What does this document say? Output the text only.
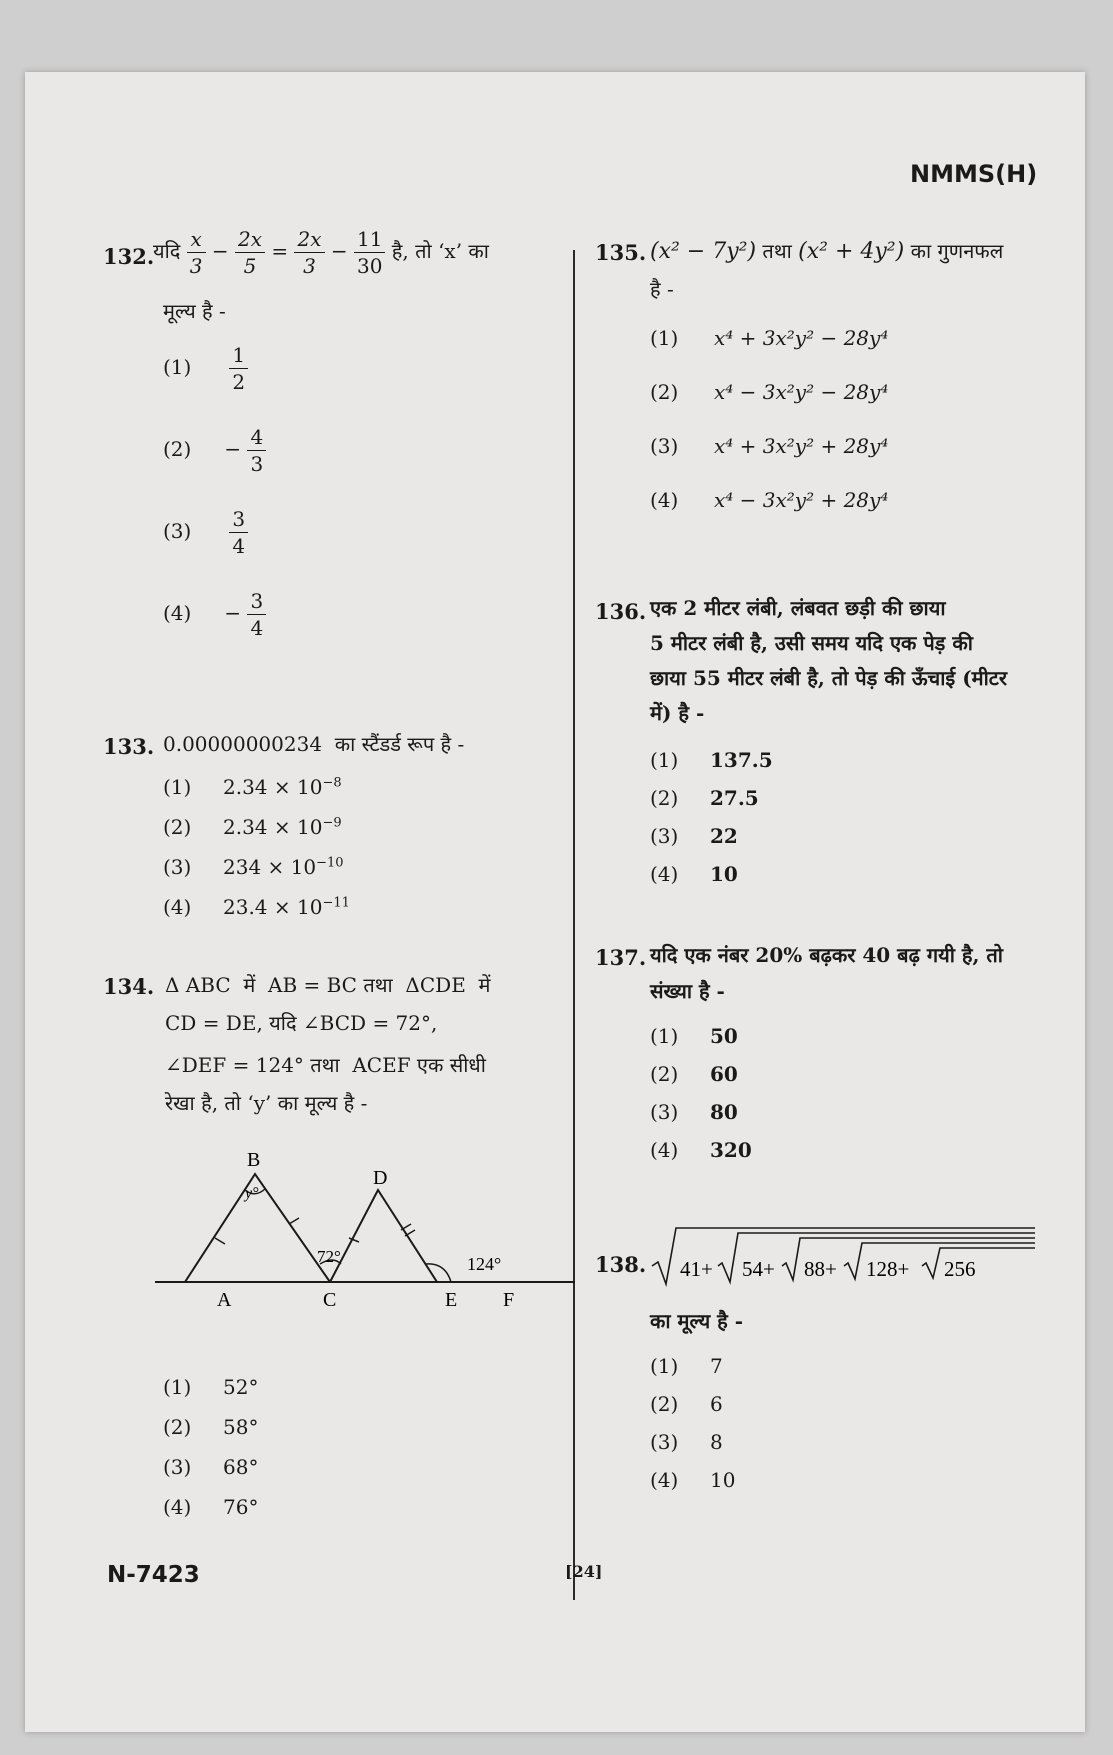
NMMS(H)
132.
यदि $\frac{x}{3} - \frac{2x}{5} = \frac{2x}{3} - \frac{11}{30}$ है, तो ‘x’ का
मूल्य है -
$(1) \frac{1}{2}$
$(2) - \frac{4}{3}$
$(3) \frac{3}{4}$
$(4) - \frac{3}{4}$
133. 0.00000000234 का स्टैंडर्ड रूप है -
(1) $2.34 \times 10^{-8}$
(2) $2.34 \times 10^{-9}$
(3) $234 \times 10^{-10}$
(4) $23.4 \times 10^{-11}$
134. Δ ABC  में  AB = BC तथा  ΔCDE  में
CD = DE, यदि ∠BCD = 72°,
∠DEF = 124° तथा  ACEF एक सीधी
रेखा है, तो ‘y’ का मूल्य है -
B
y°
D
72°	124°
A	C	E F
(1) 52°
(2) 58°
(3) 68°
(4) 76°
135. (x² − 7y²) तथा (x² + 4y²) का गुणनफल
है -
(1) x⁴ + 3x²y² − 28y⁴
(2) x⁴ − 3x²y² − 28y⁴
(3) x⁴ + 3x²y² + 28y⁴
(4) x⁴ − 3x²y² + 28y⁴
136. एक 2 मीटर लंबी, लंबवत छड़ी की छाया
5 मीटर लंबी है, उसी समय यदि एक पेड़ की
छाया 55 मीटर लंबी है, तो पेड़ की ऊँचाई (मीटर
में) है -
(1) 137.5
(2) 27.5
(3) 22
(4) 10
137. यदि एक नंबर 20% बढ़कर 40 बढ़ गयी है, तो
संख्या है -
(1) 50
(2) 60
(3) 80
(4) 320
138. 41+ 54+ 88+ 128+ 256
का मूल्य है -
(1) 7
(2) 6
(3) 8
(4) 10
N-7423	[24]
